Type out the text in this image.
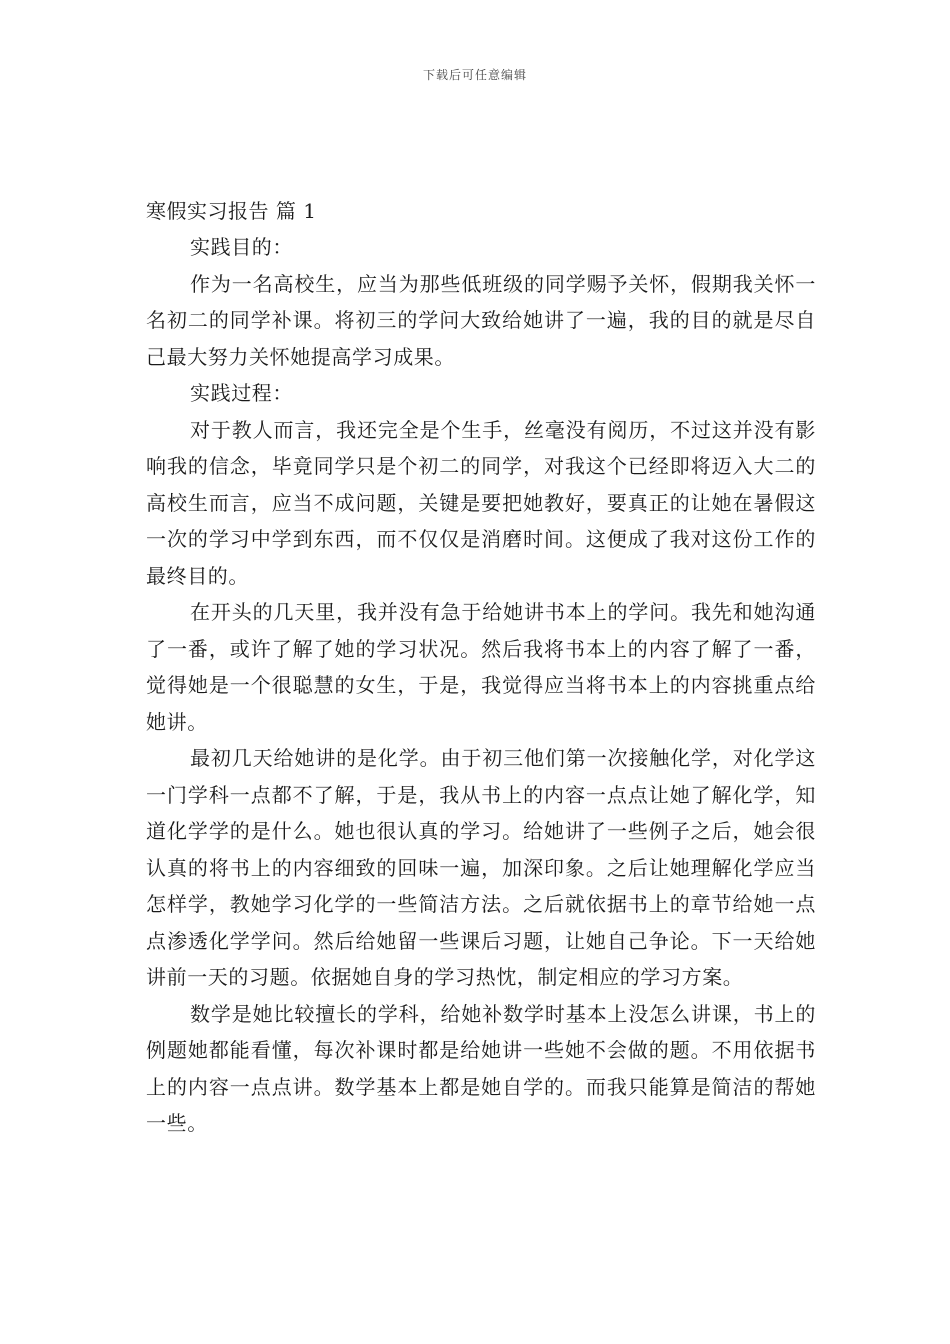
下载后可任意编辑

寒假实习报告 篇 1

实践目的：

作为一名高校生，应当为那些低班级的同学赐予关怀，假期我关怀一名初二的同学补课。将初三的学问大致给她讲了一遍，我的目的就是尽自己最大努力关怀她提高学习成果。

实践过程：

对于教人而言，我还完全是个生手，丝毫没有阅历，不过这并没有影响我的信念，毕竟同学只是个初二的同学，对我这个已经即将迈入大二的高校生而言，应当不成问题，关键是要把她教好，要真正的让她在暑假这一次的学习中学到东西，而不仅仅是消磨时间。这便成了我对这份工作的最终目的。

在开头的几天里，我并没有急于给她讲书本上的学问。我先和她沟通了一番，或许了解了她的学习状况。然后我将书本上的内容了解了一番，觉得她是一个很聪慧的女生，于是，我觉得应当将书本上的内容挑重点给她讲。

最初几天给她讲的是化学。由于初三他们第一次接触化学，对化学这一门学科一点都不了解，于是，我从书上的内容一点点让她了解化学，知道化学学的是什么。她也很认真的学习。给她讲了一些例子之后，她会很认真的将书上的内容细致的回味一遍，加深印象。之后让她理解化学应当怎样学，教她学习化学的一些简洁方法。之后就依据书上的章节给她一点点渗透化学学问。然后给她留一些课后习题，让她自己争论。下一天给她讲前一天的习题。依据她自身的学习热忱，制定相应的学习方案。

数学是她比较擅长的学科，给她补数学时基本上没怎么讲课，书上的例题她都能看懂，每次补课时都是给她讲一些她不会做的题。不用依据书上的内容一点点讲。数学基本上都是她自学的。而我只能算是简洁的帮她一些。
